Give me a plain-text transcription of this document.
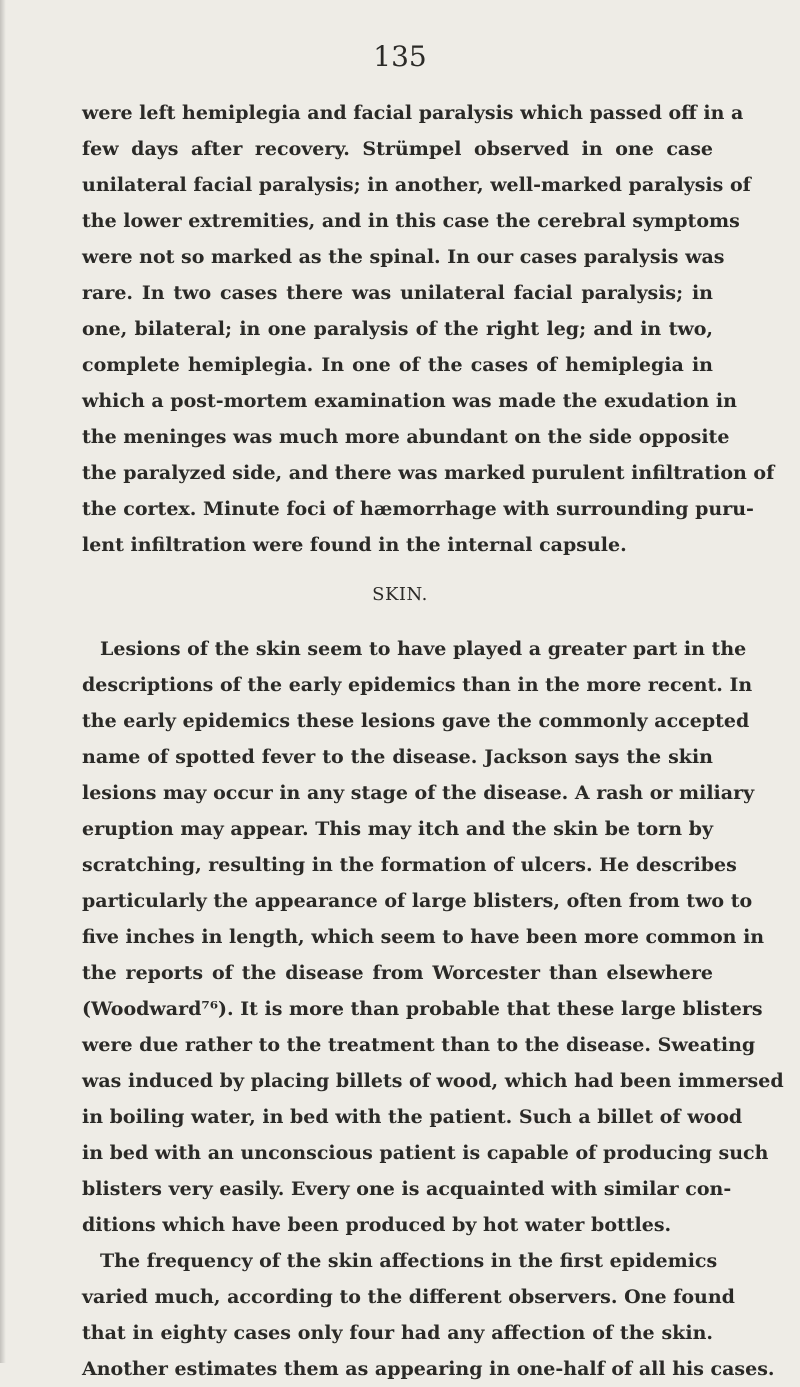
135
were left hemiplegia and facial paralysis which passed off in a
few days after recovery. Strümpel observed in one case
unilateral facial paralysis; in another, well-marked paralysis of
the lower extremities, and in this case the cerebral symptoms
were not so marked as the spinal. In our cases paralysis was
rare. In two cases there was unilateral facial paralysis; in
one, bilateral; in one paralysis of the right leg; and in two,
complete hemiplegia. In one of the cases of hemiplegia in
which a post-mortem examination was made the exudation in
the meninges was much more abundant on the side opposite
the paralyzed side, and there was marked purulent infiltration of
the cortex. Minute foci of hæmorrhage with surrounding puru-
lent infiltration were found in the internal capsule.
SKIN.
Lesions of the skin seem to have played a greater part in the
descriptions of the early epidemics than in the more recent. In
the early epidemics these lesions gave the commonly accepted
name of spotted fever to the disease. Jackson says the skin
lesions may occur in any stage of the disease. A rash or miliary
eruption may appear. This may itch and the skin be torn by
scratching, resulting in the formation of ulcers. He describes
particularly the appearance of large blisters, often from two to
five inches in length, which seem to have been more common in
the reports of the disease from Worcester than elsewhere
(Woodward⁷⁶). It is more than probable that these large blisters
were due rather to the treatment than to the disease. Sweating
was induced by placing billets of wood, which had been immersed
in boiling water, in bed with the patient. Such a billet of wood
in bed with an unconscious patient is capable of producing such
blisters very easily. Every one is acquainted with similar con-
ditions which have been produced by hot water bottles.
The frequency of the skin affections in the first epidemics
varied much, according to the different observers. One found
that in eighty cases only four had any affection of the skin.
Another estimates them as appearing in one-half of all his cases.
